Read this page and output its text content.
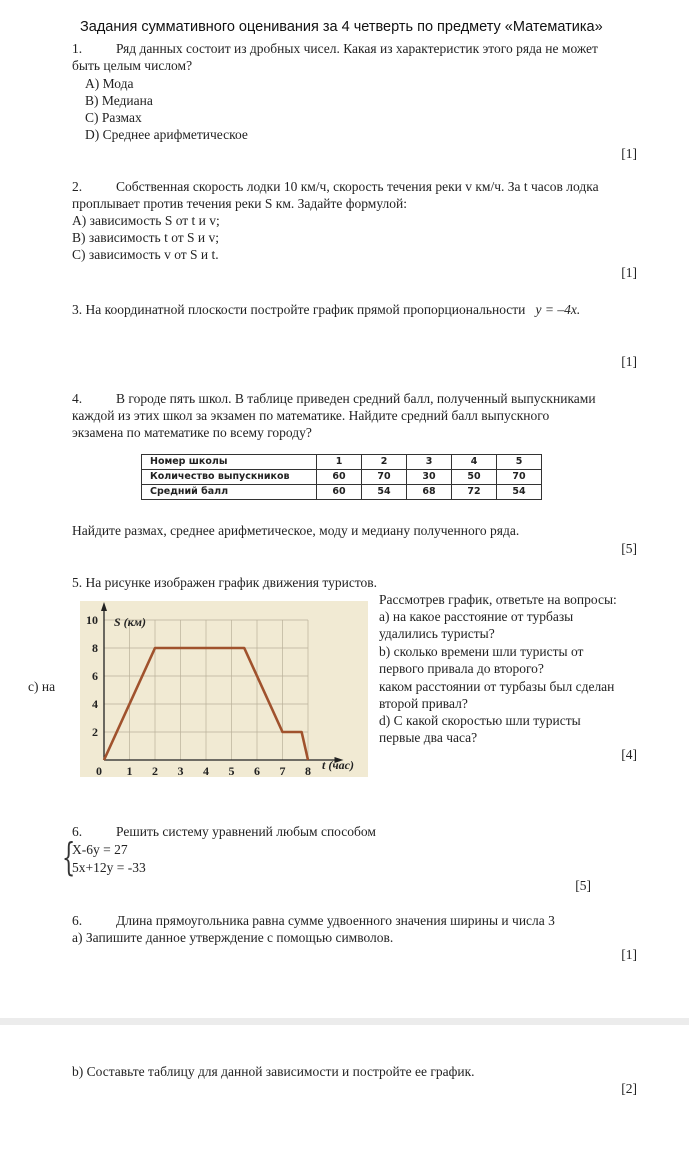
Задания суммативного оценивания за 4 четверть по предмету «Математика»
1.	Ряд данных состоит из дробных чисел. Какая из характеристик этого ряда не может
быть целым числом?
A) Мода
B) Медиана
C) Размах
D) Среднее арифметическое
[1]
2.	Собственная скорость лодки 10 км/ч, скорость течения реки v км/ч. За t часов лодка
проплывает против течения реки S км. Задайте формулой:
A) зависимость S от t и v;
B) зависимость t от S и v;
C) зависимость v от S и t.
[1]
3. На координатной плоскости постройте график прямой пропорциональности y = –4x.
[1]
4.	В городе пять школ. В таблице приведен средний балл, полученный выпускниками
каждой из этих школ за экзамен по математике. Найдите средний балл выпускного
экзамена по математике по всему городу?
Номер школы	1	2	3	4	5
Количество выпускников	60	70	30	50	70
Средний балл	60	54	68	72	54
Найдите размах, среднее арифметическое, моду и медиану полученного ряда.
[5]
5. На рисунке изображен график движения туристов.
Рассмотрев график, ответьте на вопросы:
а) на какое расстояние от турбазы
удалились туристы?
b) сколько времени шли туристы от
первого привала до второго?
каком расстоянии от турбазы был сделан
второй привал?
d) С какой скоростью шли туристы
первые два часа?
с) на
[4]
0 1 2 3 4 5 6 7 8
2
4
6
8
10 S (км)
t (час)
6.	Решить систему уравнений любым способом
{
X-6y = 27
5x+12y = -33
[5]
6.	Длина прямоугольника равна сумме удвоенного значения ширины и числа 3
а) Запишите данное утверждение с помощью символов.
[1]
b) Составьте таблицу для данной зависимости и постройте ее график.
[2]
